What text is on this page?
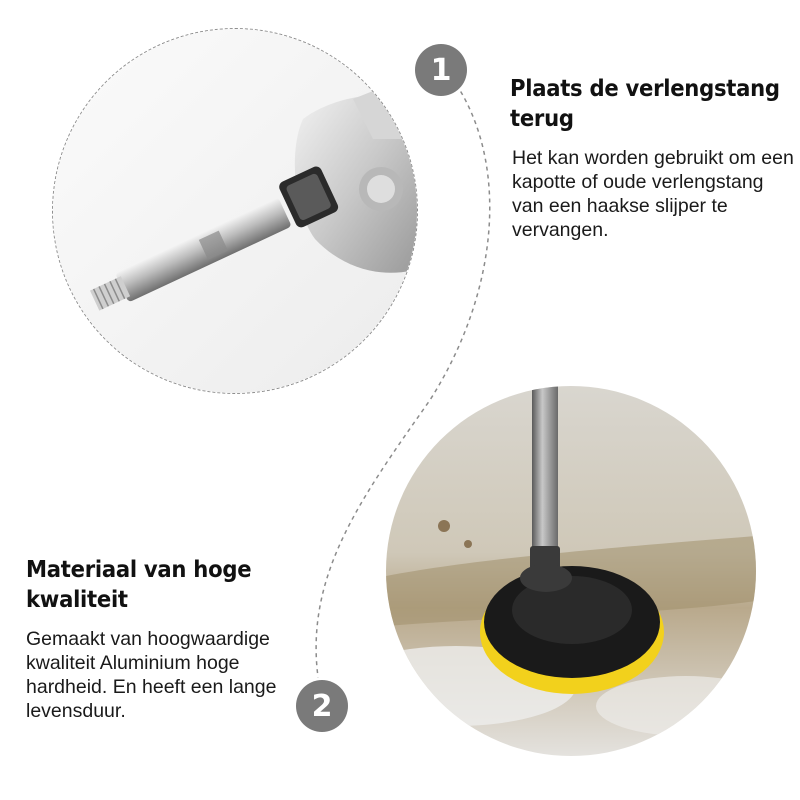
1
2
Plaats de verlengstang terug

Het kan worden gebruikt om een kapotte of oude verlengstang van een haakse slijper te vervangen.

Materiaal van hoge kwaliteit

Gemaakt van hoogwaardige kwaliteit Aluminium hoge hardheid. En heeft een lange levensduur.
